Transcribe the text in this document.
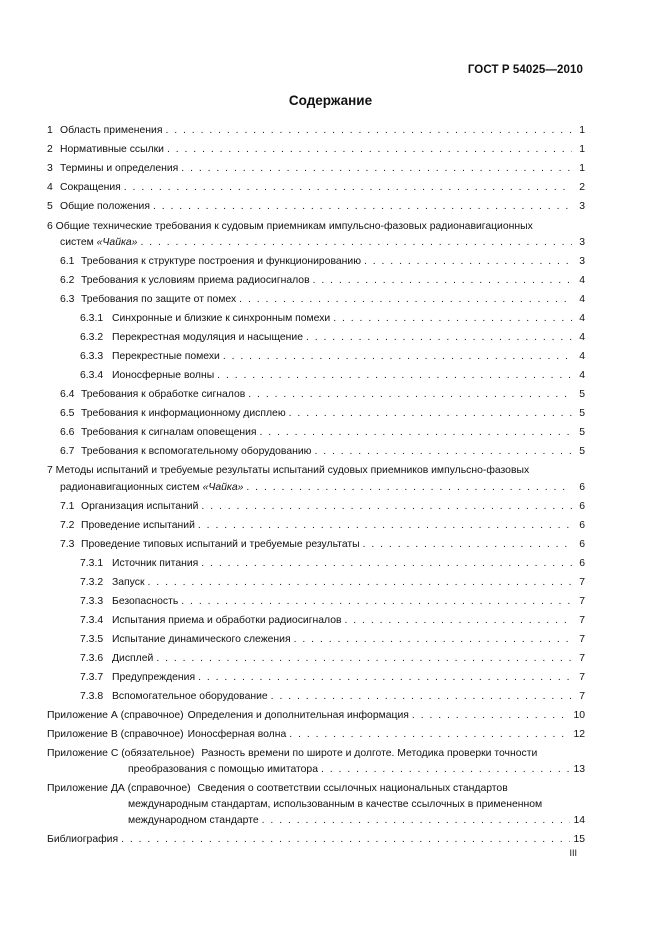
ГОСТ Р 54025—2010
Содержание
1 Область применения . . .	1
2 Нормативные ссылки . . .	1
3 Термины и определения . . .	1
4 Сокращения . . .	2
5 Общие положения . . .	3
6 Общие технические требования к судовым приемникам импульсно-фазовых радионавигационных
систем «Чайка» . . .	3
6.1 Требования к структуре построения и функционированию . . .	3
6.2 Требования к условиям приема радиосигналов . . .	4
6.3 Требования по защите от помех . . .	4
6.3.1 Синхронные и близкие к синхронным помехи . . .	4
6.3.2 Перекрестная модуляция и насыщение . . .	4
6.3.3 Перекрестные помехи . . .	4
6.3.4 Ионосферные волны . . .	4
6.4 Требования к обработке сигналов . . .	5
6.5 Требования к информационному дисплею . . .	5
6.6 Требования к сигналам оповещения . . .	5
6.7 Требования к вспомогательному оборудованию . . .	5
7 Методы испытаний и требуемые результаты испытаний судовых приемников импульсно-фазовых
радионавигационных систем «Чайка» . . .	6
7.1 Организация испытаний . . .	6
7.2 Проведение испытаний . . .	6
7.3 Проведение типовых испытаний и требуемые результаты . . .	6
7.3.1 Источник питания . . .	6
7.3.2 Запуск . . .	7
7.3.3 Безопасность . . .	7
7.3.4 Испытания приема и обработки радиосигналов . . .	7
7.3.5 Испытание динамического слежения . . .	7
7.3.6 Дисплей . . .	7
7.3.7 Предупреждения . . .	7
7.3.8 Вспомогательное оборудование . . .	7
Приложение А (справочное) Определения и дополнительная информация . . .	10
Приложение В (справочное) Ионосферная волна . . .	12
Приложение С (обязательное) Разность времени по широте и долготе. Методика проверки точности
преобразования с помощью имитатора . . .	13
Приложение ДА (справочное) Сведения о соответствии ссылочных национальных стандартов
международным стандартам, использованным в качестве ссылочных в примененном
международном стандарте . . .	14
Библиография . . .	15
III
